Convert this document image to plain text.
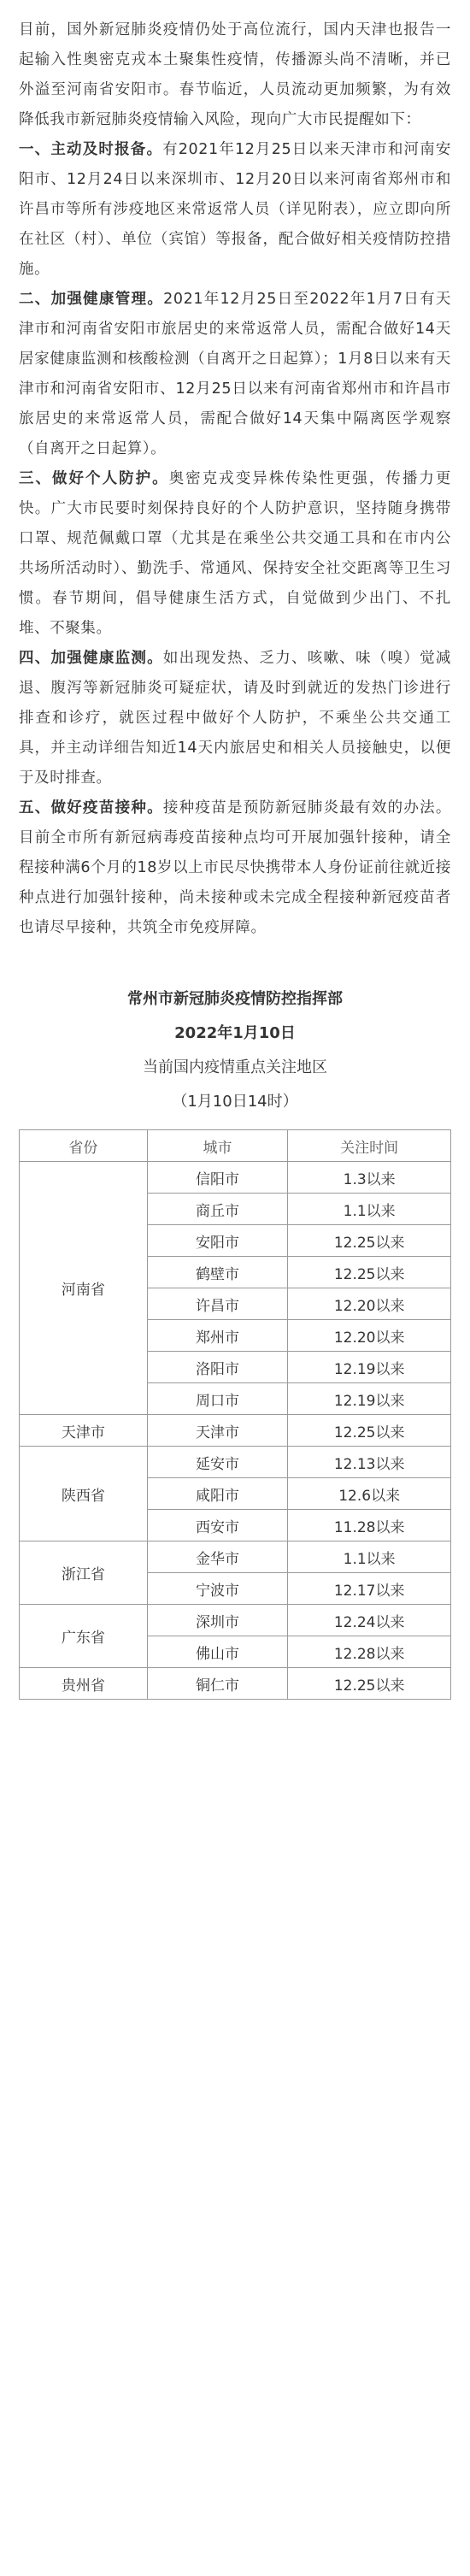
目前，国外新冠肺炎疫情仍处于高位流行，国内天津也报告一起输入性奥密克戎本土聚集性疫情，传播源头尚不清晰，并已外溢至河南省安阳市。春节临近，人员流动更加频繁，为有效降低我市新冠肺炎疫情输入风险，现向广大市民提醒如下：

一、主动及时报备。有2021年12月25日以来天津市和河南安阳市、12月24日以来深圳市、12月20日以来河南省郑州市和许昌市等所有涉疫地区来常返常人员（详见附表），应立即向所在社区（村）、单位（宾馆）等报备，配合做好相关疫情防控措施。

二、加强健康管理。2021年12月25日至2022年1月7日有天津市和河南省安阳市旅居史的来常返常人员，需配合做好14天居家健康监测和核酸检测（自离开之日起算）；1月8日以来有天津市和河南省安阳市、12月25日以来有河南省郑州市和许昌市旅居史的来常返常人员，需配合做好14天集中隔离医学观察（自离开之日起算）。

三、做好个人防护。奥密克戎变异株传染性更强，传播力更快。广大市民要时刻保持良好的个人防护意识，坚持随身携带口罩、规范佩戴口罩（尤其是在乘坐公共交通工具和在市内公共场所活动时）、勤洗手、常通风、保持安全社交距离等卫生习惯。春节期间，倡导健康生活方式，自觉做到少出门、不扎堆、不聚集。

四、加强健康监测。如出现发热、乏力、咳嗽、味（嗅）觉减退、腹泻等新冠肺炎可疑症状，请及时到就近的发热门诊进行排查和诊疗，就医过程中做好个人防护，不乘坐公共交通工具，并主动详细告知近14天内旅居史和相关人员接触史，以便于及时排查。

五、做好疫苗接种。接种疫苗是预防新冠肺炎最有效的办法。目前全市所有新冠病毒疫苗接种点均可开展加强针接种，请全程接种满6个月的18岁以上市民尽快携带本人身份证前往就近接种点进行加强针接种，尚未接种或未完成全程接种新冠疫苗者也请尽早接种，共筑全市免疫屏障。

常州市新冠肺炎疫情防控指挥部
2022年1月10日
当前国内疫情重点关注地区
（1月10日14时）
省份	城市	关注时间
河南省	信阳市	1.3以来
	商丘市	1.1以来
	安阳市	12.25以来
	鹤壁市	12.25以来
	许昌市	12.20以来
	郑州市	12.20以来
	洛阳市	12.19以来
	周口市	12.19以来
天津市	天津市	12.25以来
陕西省	延安市	12.13以来
	咸阳市	12.6以来
	西安市	11.28以来
浙江省	金华市	1.1以来
	宁波市	12.17以来
广东省	深圳市	12.24以来
	佛山市	12.28以来
贵州省	铜仁市	12.25以来
